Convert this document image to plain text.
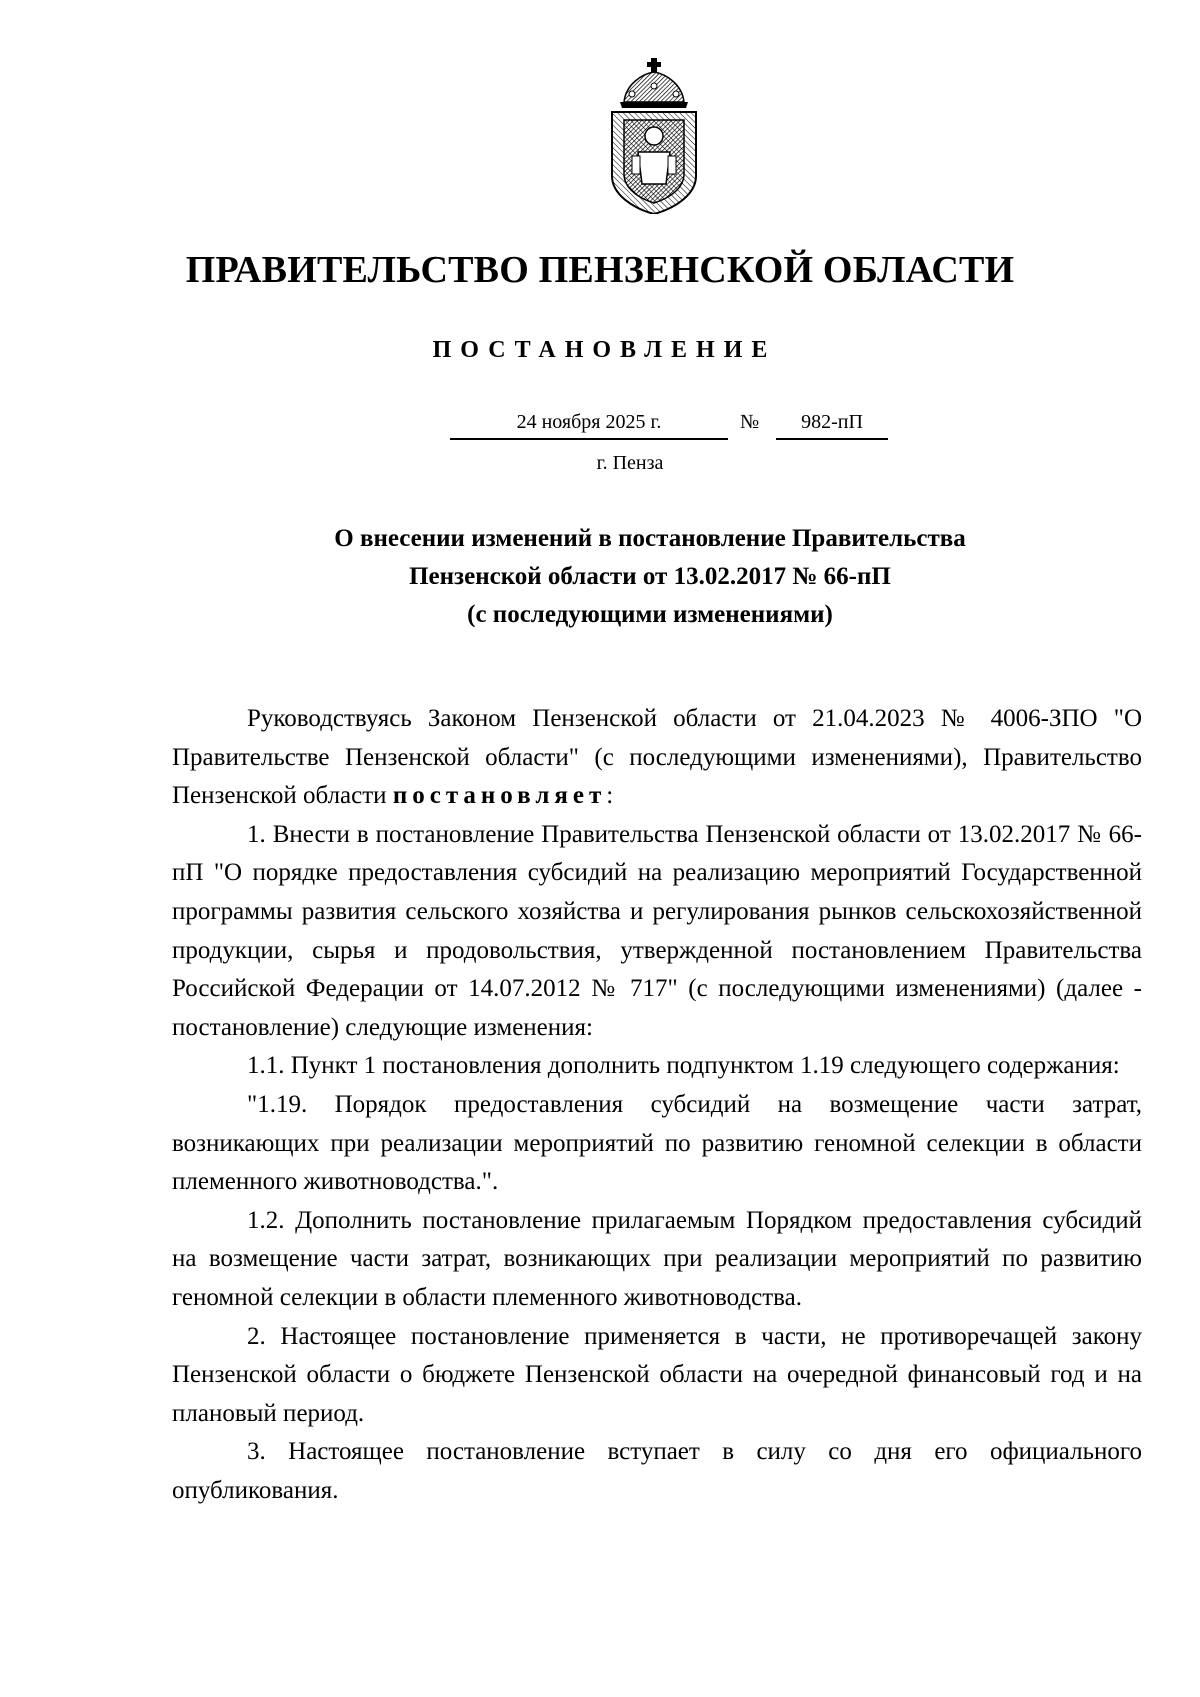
ПРАВИТЕЛЬСТВО ПЕНЗЕНСКОЙ ОБЛАСТИ
ПОСТАНОВЛЕНИЕ
24 ноября 2025 г.	№	982-пП
г. Пенза
О внесении изменений в постановление Правительства
Пензенской области от 13.02.2017 № 66-пП
(с последующими изменениями)

Руководствуясь Законом Пензенской области от 21.04.2023 № 4006-ЗПО "О Правительстве Пензенской области" (с последующими изменениями), Правительство Пензенской области постановляет:

1. Внести в постановление Правительства Пензенской области от 13.02.2017 № 66-пП "О порядке предоставления субсидий на реализацию мероприятий Государственной программы развития сельского хозяйства и регулирования рынков сельскохозяйственной продукции, сырья и продовольствия, утвержденной постановлением Правительства Российской Федерации от 14.07.2012 № 717" (с последующими изменениями) (далее - постановление) следующие изменения:

1.1. Пункт 1 постановления дополнить подпунктом 1.19 следующего содержания:

"1.19. Порядок предоставления субсидий на возмещение части затрат, возникающих при реализации мероприятий по развитию геномной селекции в области племенного животноводства.".

1.2. Дополнить постановление прилагаемым Порядком предоставления субсидий на возмещение части затрат, возникающих при реализации мероприятий по развитию геномной селекции в области племенного животноводства.

2. Настоящее постановление применяется в части, не противоречащей закону Пензенской области о бюджете Пензенской области на очередной финансовый год и на плановый период.

3. Настоящее постановление вступает в силу со дня его официального опубликования.
